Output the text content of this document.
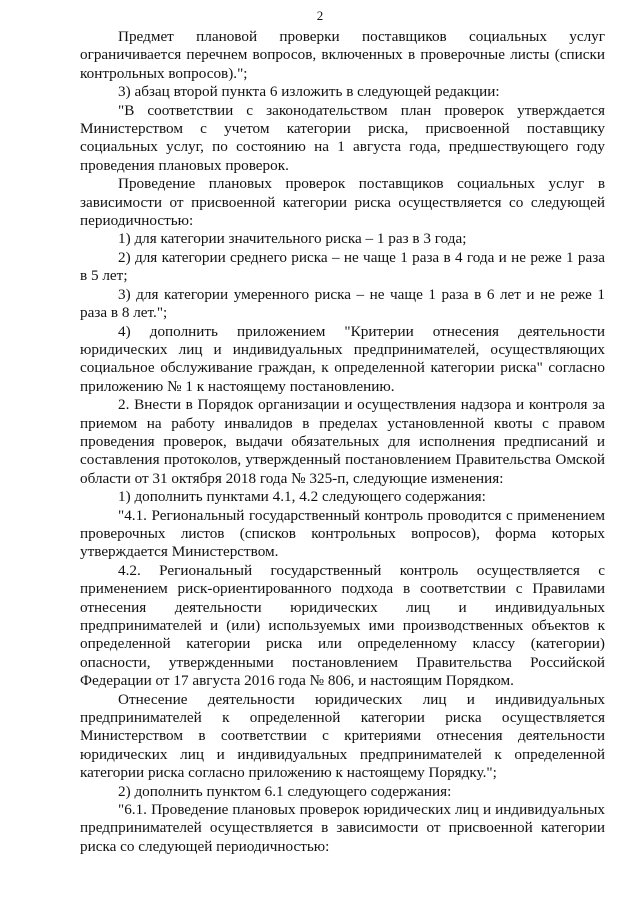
2

Предмет плановой проверки поставщиков социальных услуг ограничивается перечнем вопросов, включенных в проверочные листы (списки контрольных вопросов).";

3) абзац второй пункта 6 изложить в следующей редакции:

"В соответствии с законодательством план проверок утверждается Министерством с учетом категории риска, присвоенной поставщику социальных услуг, по состоянию на 1 августа года, предшествующего году проведения плановых проверок.

Проведение плановых проверок поставщиков социальных услуг в зависимости от присвоенной категории риска осуществляется со следующей периодичностью:

1) для категории значительного риска – 1 раз в 3 года;

2) для категории среднего риска – не чаще 1 раза в 4 года и не реже 1 раза в 5 лет;

3) для категории умеренного риска – не чаще 1 раза в 6 лет и не реже 1 раза в 8 лет.";

4) дополнить приложением "Критерии отнесения деятельности юридических лиц и индивидуальных предпринимателей, осуществляющих социальное обслуживание граждан, к определенной категории риска" согласно приложению № 1 к настоящему постановлению.

2. Внести в Порядок организации и осуществления надзора и контроля за приемом на работу инвалидов в пределах установленной квоты с правом проведения проверок, выдачи обязательных для исполнения предписаний и составления протоколов, утвержденный постановлением Правительства Омской области от 31 октября 2018 года № 325-п, следующие изменения:

1) дополнить пунктами 4.1, 4.2 следующего содержания:

"4.1. Региональный государственный контроль проводится с применением проверочных листов (списков контрольных вопросов), форма которых утверждается Министерством.

4.2. Региональный государственный контроль осуществляется с применением риск-ориентированного подхода в соответствии с Правилами отнесения деятельности юридических лиц и индивидуальных предпринимателей и (или) используемых ими производственных объектов к определенной категории риска или определенному классу (категории) опасности, утвержденными постановлением Правительства Российской Федерации от 17 августа 2016 года № 806, и настоящим Порядком.

Отнесение деятельности юридических лиц и индивидуальных предпринимателей к определенной категории риска осуществляется Министерством в соответствии с критериями отнесения деятельности юридических лиц и индивидуальных предпринимателей к определенной категории риска согласно приложению к настоящему Порядку.";

2) дополнить пунктом 6.1 следующего содержания:

"6.1. Проведение плановых проверок юридических лиц и индивидуальных предпринимателей осуществляется в зависимости от присвоенной категории риска со следующей периодичностью:
